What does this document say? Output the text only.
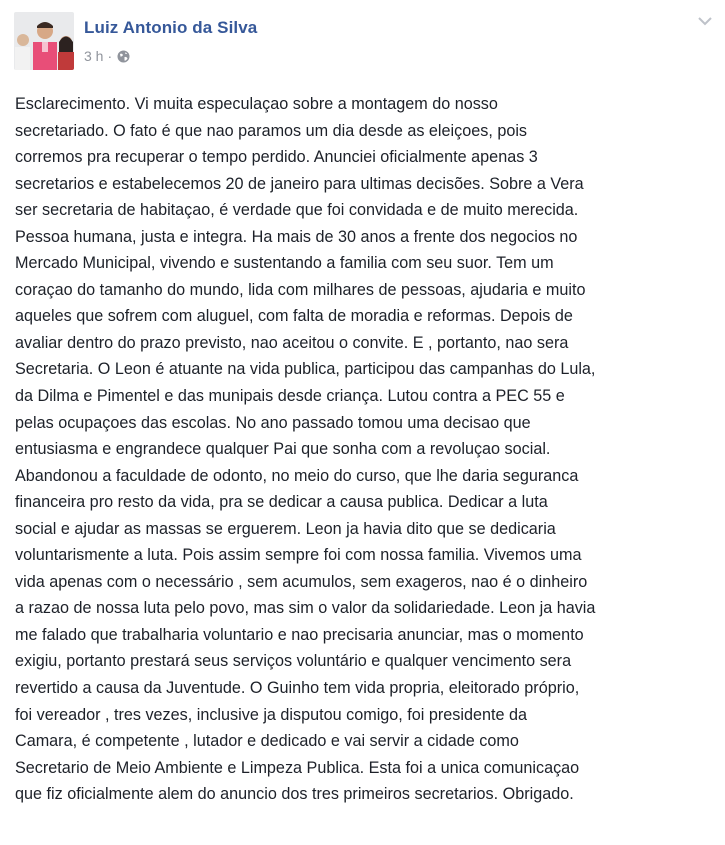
Luiz Antonio da Silva
3 h ·
Esclarecimento. Vi muita especulaçao sobre a montagem do nosso
secretariado. O fato é que nao paramos um dia desde as eleiçoes, pois
corremos pra recuperar o tempo perdido. Anunciei oficialmente apenas 3
secretarios e estabelecemos 20 de janeiro para ultimas decisões. Sobre a Vera
ser secretaria de habitaçao, é verdade que foi convidada e de muito merecida.
Pessoa humana, justa e integra. Ha mais de 30 anos a frente dos negocios no
Mercado Municipal, vivendo e sustentando a familia com seu suor. Tem um
coraçao do tamanho do mundo, lida com milhares de pessoas, ajudaria e muito
aqueles que sofrem com aluguel, com falta de moradia e reformas. Depois de
avaliar dentro do prazo previsto, nao aceitou o convite. E , portanto, nao sera
Secretaria. O Leon é atuante na vida publica, participou das campanhas do Lula,
da Dilma e Pimentel e das munipais desde criança. Lutou contra a PEC 55 e
pelas ocupaçoes das escolas. No ano passado tomou uma decisao que
entusiasma e engrandece qualquer Pai que sonha com a revoluçao social.
Abandonou a faculdade de odonto, no meio do curso, que lhe daria seguranca
financeira pro resto da vida, pra se dedicar a causa publica. Dedicar a luta
social e ajudar as massas se erguerem. Leon ja havia dito que se dedicaria
voluntarismente a luta. Pois assim sempre foi com nossa familia. Vivemos uma
vida apenas com o necessário , sem acumulos, sem exageros, nao é o dinheiro
a razao de nossa luta pelo povo, mas sim o valor da solidariedade. Leon ja havia
me falado que trabalharia voluntario e nao precisaria anunciar, mas o momento
exigiu, portanto prestará seus serviços voluntário e qualquer vencimento sera
revertido a causa da Juventude. O Guinho tem vida propria, eleitorado próprio,
foi vereador , tres vezes, inclusive ja disputou comigo, foi presidente da
Camara, é competente , lutador e dedicado e vai servir a cidade como
Secretario de Meio Ambiente e Limpeza Publica. Esta foi a unica comunicaçao
que fiz oficialmente alem do anuncio dos tres primeiros secretarios. Obrigado.
